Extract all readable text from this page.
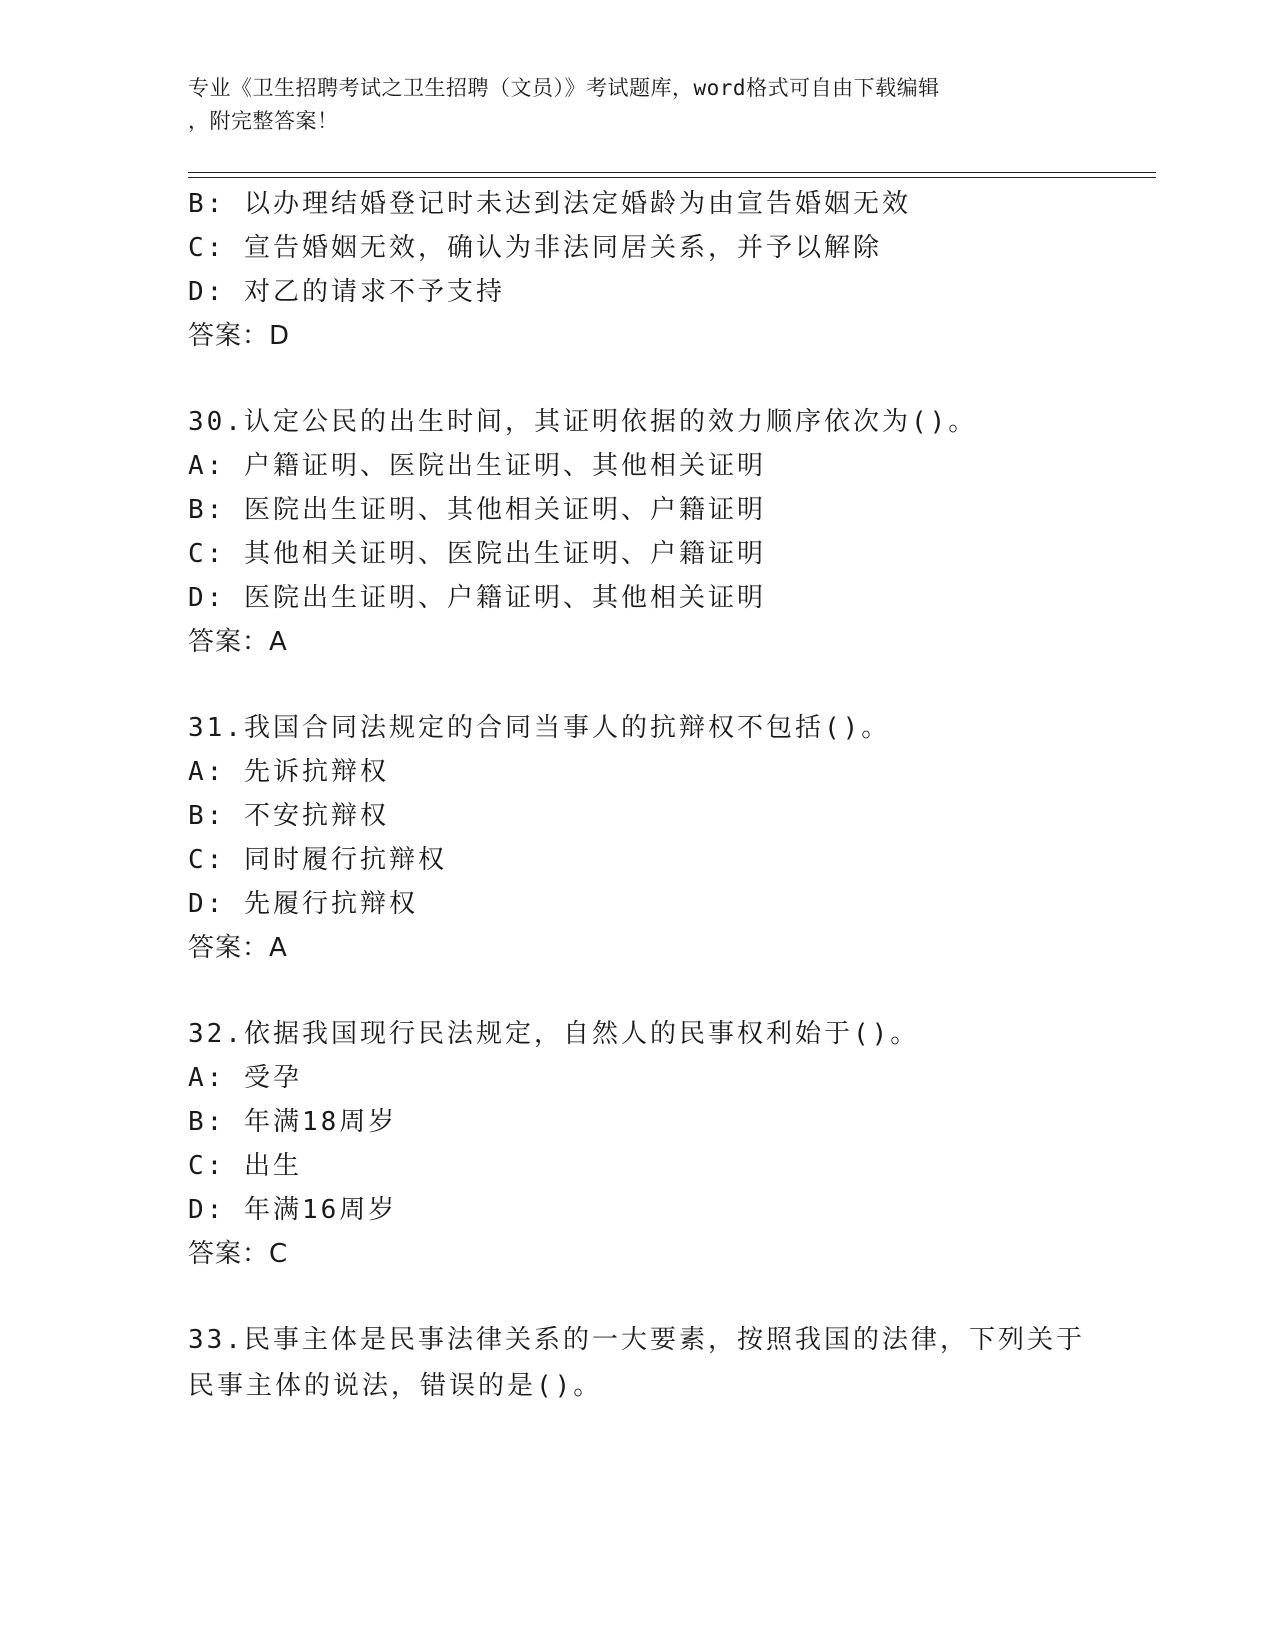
专业《卫生招聘考试之卫生招聘（文员）》考试题库，word格式可自由下载编辑
，附完整答案！
B: 以办理结婚登记时未达到法定婚龄为由宣告婚姻无效
C: 宣告婚姻无效，确认为非法同居关系，并予以解除
D: 对乙的请求不予支持
答案：D
30.认定公民的出生时间，其证明依据的效力顺序依次为()。
A: 户籍证明、医院出生证明、其他相关证明
B: 医院出生证明、其他相关证明、户籍证明
C: 其他相关证明、医院出生证明、户籍证明
D: 医院出生证明、户籍证明、其他相关证明
答案：A
31.我国合同法规定的合同当事人的抗辩权不包括()。
A: 先诉抗辩权
B: 不安抗辩权
C: 同时履行抗辩权
D: 先履行抗辩权
答案：A
32.依据我国现行民法规定，自然人的民事权利始于()。
A: 受孕
B: 年满18周岁
C: 出生
D: 年满16周岁
答案：C
33.民事主体是民事法律关系的一大要素，按照我国的法律，下列关于
民事主体的说法，错误的是()。
